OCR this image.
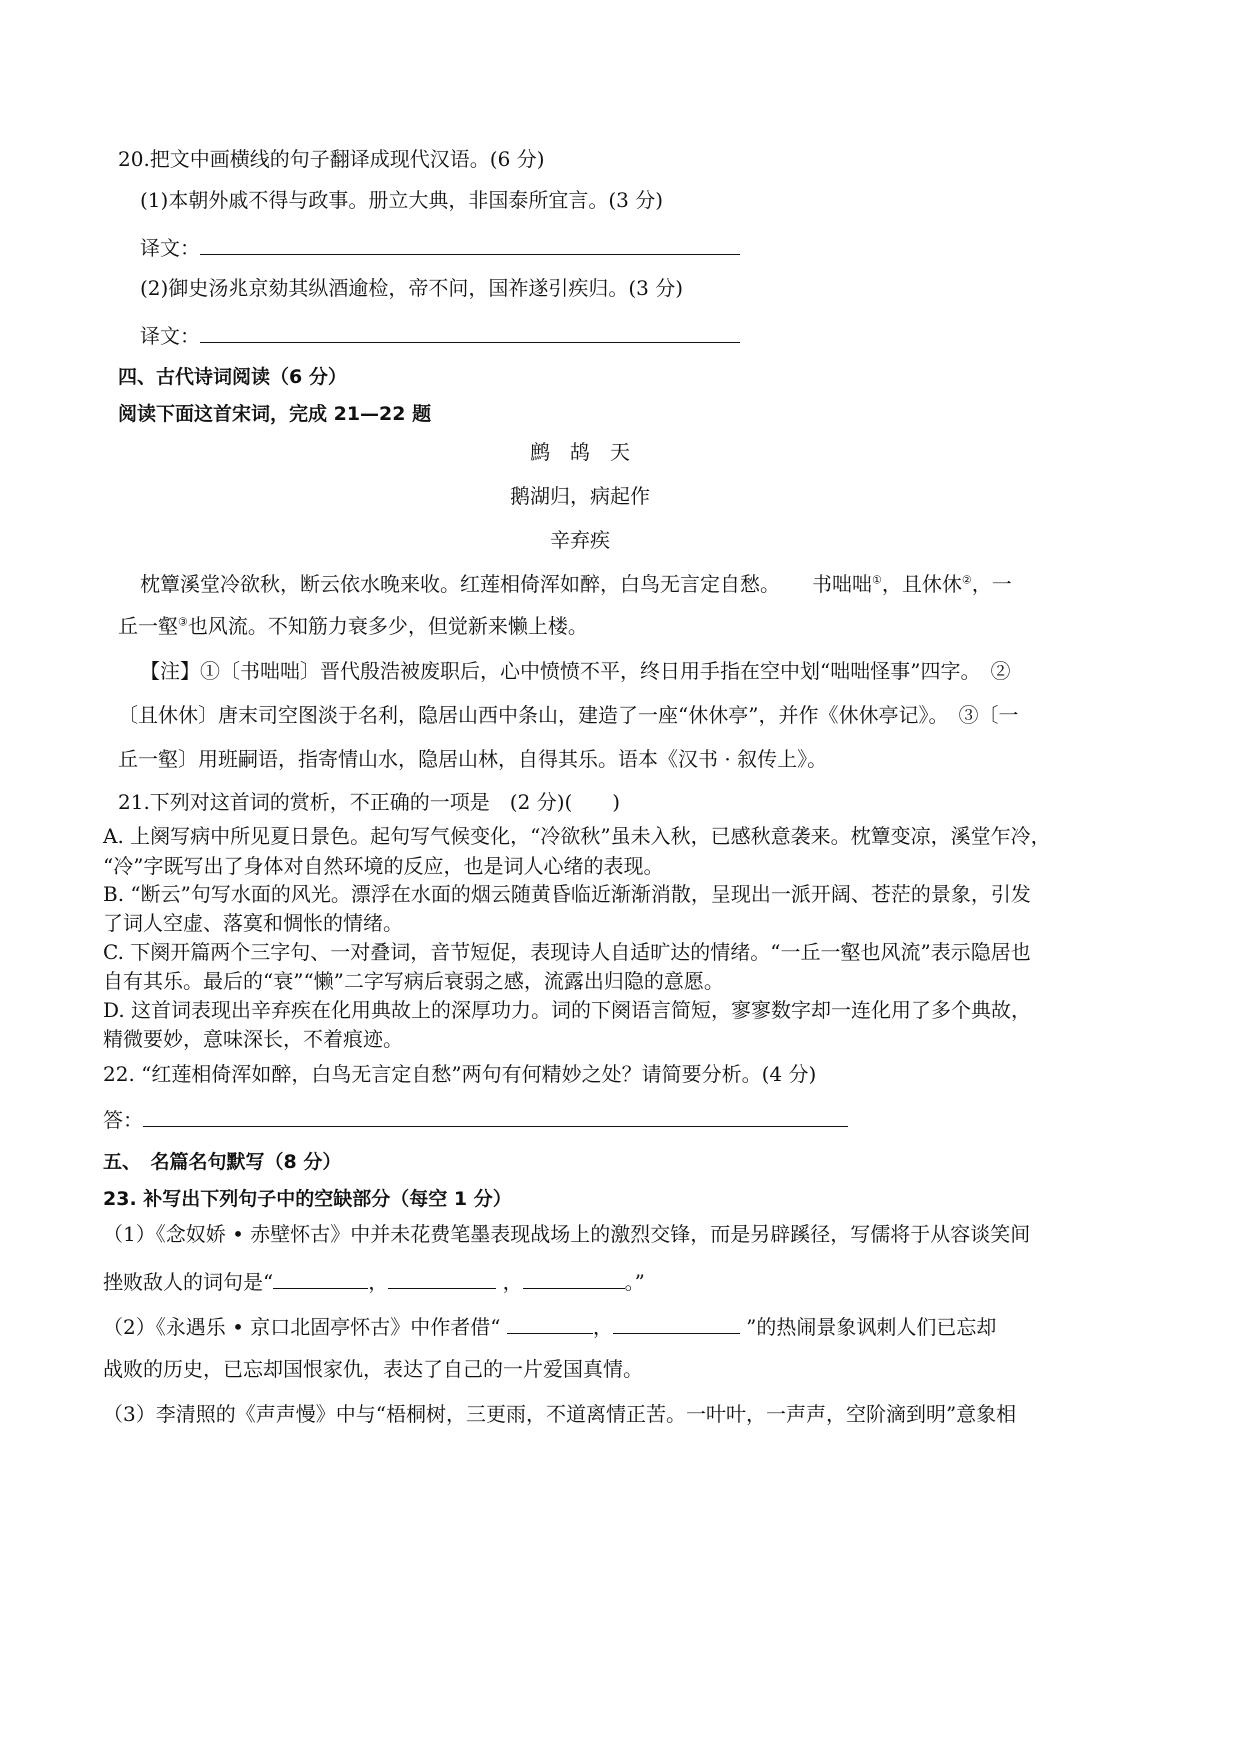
20.把文中画横线的句子翻译成现代汉语。(6 分)
(1)本朝外戚不得与政事。册立大典，非国泰所宜言。(3 分)
译文：
(2)御史汤兆京劾其纵酒逾检，帝不问，国祚遂引疾归。(3 分)
译文：
四、古代诗词阅读（6 分）
阅读下面这首宋词，完成 21—22 题
鹧　鸪　天
鹅湖归，病起作
辛弃疾
枕簟溪堂冷欲秋，断云依水晚来收。红莲相倚浑如醉，白鸟无言定自愁。 书咄咄①，且休休②，一
丘一壑③也风流。不知筋力衰多少，但觉新来懒上楼。
【注】①〔书咄咄〕晋代殷浩被废职后，心中愤愤不平，终日用手指在空中划“咄咄怪事”四字。　②
〔且休休〕唐末司空图淡于名利，隐居山西中条山，建造了一座“休休亭”，并作《休休亭记》。　③〔一
丘一壑〕用班嗣语，指寄情山水，隐居山林，自得其乐。语本《汉书 · 叙传上》。
21.下列对这首词的赏析，不正确的一项是　(2 分)(　　)
A. 上阕写病中所见夏日景色。起句写气候变化，“冷欲秋”虽未入秋，已感秋意袭来。枕簟变凉，溪堂乍冷，
“冷”字既写出了身体对自然环境的反应，也是词人心绪的表现。
B. “断云”句写水面的风光。漂浮在水面的烟云随黄昏临近渐渐消散，呈现出一派开阔、苍茫的景象，引发
了词人空虚、落寞和惆怅的情绪。
C. 下阕开篇两个三字句、一对叠词，音节短促，表现诗人自适旷达的情绪。“一丘一壑也风流”表示隐居也
自有其乐。最后的“衰”“懒”二字写病后衰弱之感，流露出归隐的意愿。
D. 这首词表现出辛弃疾在化用典故上的深厚功力。词的下阕语言简短，寥寥数字却一连化用了多个典故，
精微要妙，意味深长，不着痕迹。
22. “红莲相倚浑如醉，白鸟无言定自愁”两句有何精妙之处？请简要分析。(4 分)
答：
五、　名篇名句默写（8 分）
23. 补写出下列句子中的空缺部分（每空 1 分）
（1）《念奴娇 • 赤壁怀古》中并未花费笔墨表现战场上的激烈交锋，而是另辟蹊径，写儒将于从容谈笑间
挫败敌人的词句是“	，	，	。”
（2）《永遇乐 • 京口北固亭怀古》中作者借“	，	”的热闹景象讽刺人们已忘却
战败的历史，已忘却国恨家仇，表达了自己的一片爱国真情。
（3）李清照的《声声慢》中与“梧桐树，三更雨，不道离情正苦。一叶叶，一声声，空阶滴到明”意象相
